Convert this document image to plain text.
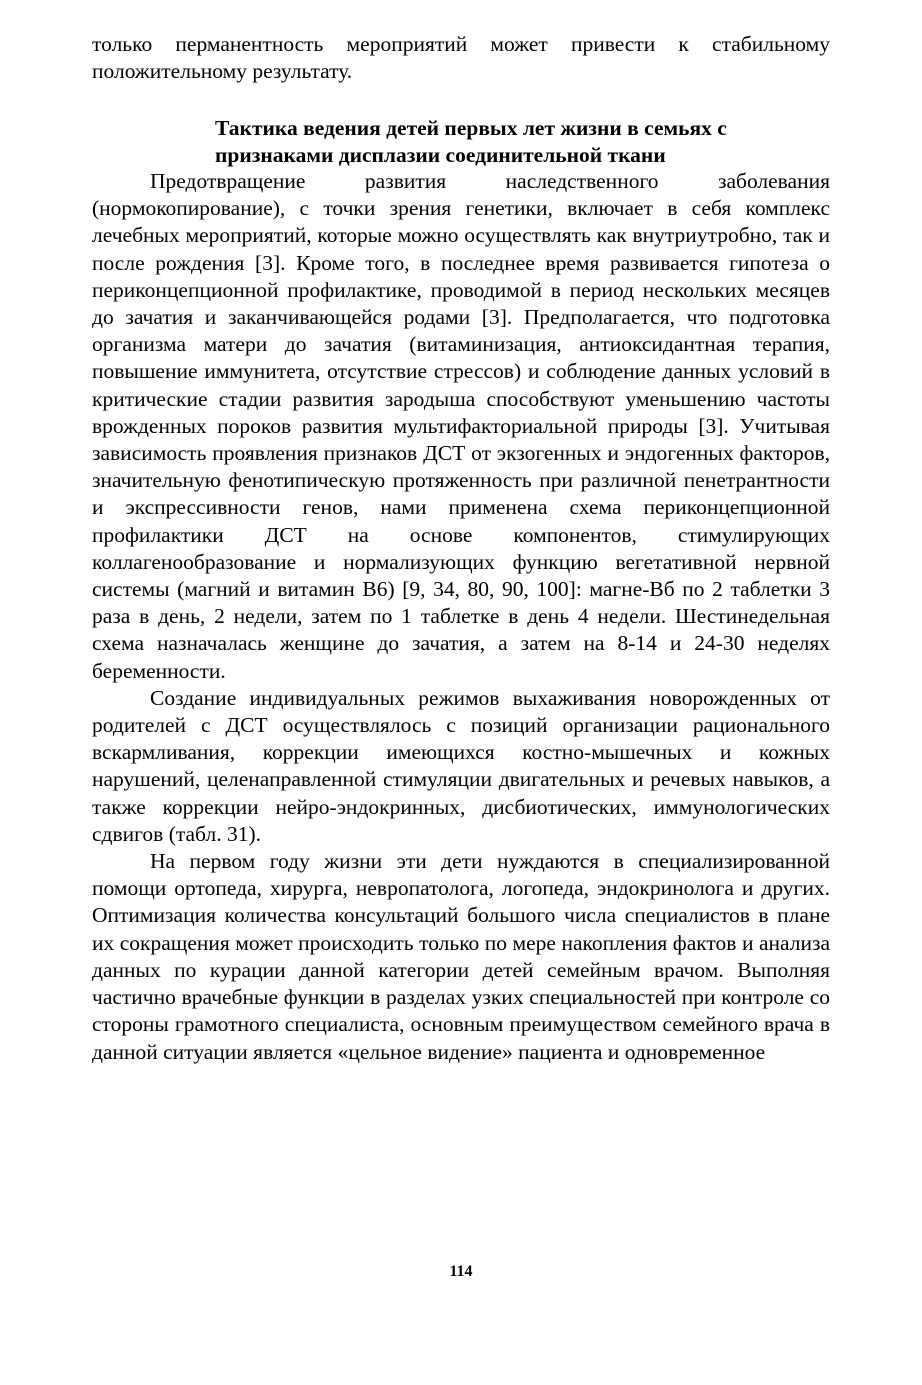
только перманентность мероприятий может привести к стабильному положительному результату.

Тактика ведения детей первых лет жизни в семьях с
признаками дисплазии соединительной ткани

Предотвращение развития наследственного заболевания (нормокопирование), с точки зрения генетики, включает в себя комплекс лечебных мероприятий, которые можно осуществлять как внутриутробно, так и после рождения [3]. Кроме того, в последнее время развивается гипотеза о периконцепционной профилактике, проводимой в период нескольких месяцев до зачатия и заканчивающейся родами [3]. Предполагается, что подготовка организма матери до зачатия (витаминизация, антиоксидантная терапия, повышение иммунитета, отсутствие стрессов) и соблюдение данных условий в критические стадии развития зародыша способствуют уменьшению частоты врожденных пороков развития мультифакториальной природы [3]. Учитывая зависимость проявления признаков ДСТ от экзогенных и эндогенных факторов, значительную фенотипическую протяженность при различной пенетрантности и экспрессивности генов, нами применена схема периконцепционной профилактики ДСТ на основе компонентов, стимулирующих коллагенообразование и нормализующих функцию вегетативной нервной системы (магний и витамин В6) [9, 34, 80, 90, 100]: магне-Вб по 2 таблетки 3 раза в день, 2 недели, затем по 1 таблетке в день 4 недели. Шестинедельная схема назначалась женщине до зачатия, а затем на 8-14 и 24-30 неделях беременности.

Создание индивидуальных режимов выхаживания новорожденных от родителей с ДСТ осуществлялось с позиций организации рационального вскармливания, коррекции имеющихся костно-мышечных и кожных нарушений, целенаправленной стимуляции двигательных и речевых навыков, а также коррекции нейро-эндокринных, дисбиотических, иммунологических сдвигов (табл. 31).

На первом году жизни эти дети нуждаются в специализированной помощи ортопеда, хирурга, невропатолога, логопеда, эндокринолога и других. Оптимизация количества консультаций большого числа специалистов в плане их сокращения может происходить только по мере накопления фактов и анализа данных по курации данной категории детей семейным врачом. Выполняя частично врачебные функции в разделах узких специальностей при контроле со стороны грамотного специалиста, основным преимуществом семейного врача в данной ситуации является «цельное видение» пациента и одновременное

114
